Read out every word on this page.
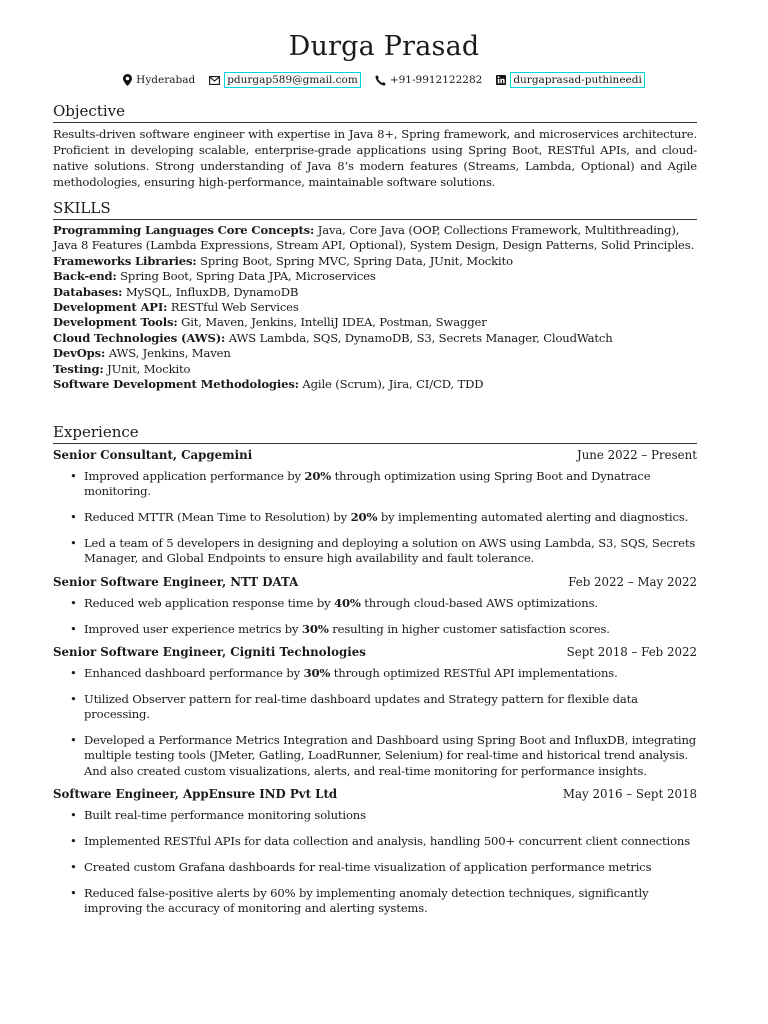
Durga Prasad
Hyderabad	pdurgap589@gmail.com	+91-9912122282	durgaprasad-puthineedi
Objective

Results-driven software engineer with expertise in Java 8+, Spring framework, and microservices architecture. Proficient in developing scalable, enterprise-grade applications using Spring Boot, RESTful APIs, and cloud-native solutions. Strong understanding of Java 8’s modern features (Streams, Lambda, Optional) and Agile methodologies, ensuring high-performance, maintainable software solutions.

SKILLS

Programming Languages Core Concepts: Java, Core Java (OOP, Collections Framework, Multithreading), Java 8 Features (Lambda Expressions, Stream API, Optional), System Design, Design Patterns, Solid Principles.

Frameworks Libraries: Spring Boot, Spring MVC, Spring Data, JUnit, Mockito

Back-end: Spring Boot, Spring Data JPA, Microservices

Databases: MySQL, InfluxDB, DynamoDB

Development API: RESTful Web Services

Development Tools: Git, Maven, Jenkins, IntelliJ IDEA, Postman, Swagger

Cloud Technologies (AWS): AWS Lambda, SQS, DynamoDB, S3, Secrets Manager, CloudWatch

DevOps: AWS, Jenkins, Maven

Testing: JUnit, Mockito

Software Development Methodologies: Agile (Scrum), Jira, CI/CD, TDD

Experience
Senior Consultant, Capgemini	June 2022 – Present
• Improved application performance by 20% through optimization using Spring Boot and Dynatrace monitoring.
• Reduced MTTR (Mean Time to Resolution) by 20% by implementing automated alerting and diagnostics.
• Led a team of 5 developers in designing and deploying a solution on AWS using Lambda, S3, SQS, Secrets Manager, and Global Endpoints to ensure high availability and fault tolerance.
Senior Software Engineer, NTT DATA	Feb 2022 – May 2022
• Reduced web application response time by 40% through cloud-based AWS optimizations.
• Improved user experience metrics by 30% resulting in higher customer satisfaction scores.
Senior Software Engineer, Cigniti Technologies	Sept 2018 – Feb 2022
• Enhanced dashboard performance by 30% through optimized RESTful API implementations.
• Utilized Observer pattern for real-time dashboard updates and Strategy pattern for flexible data processing.
• Developed a Performance Metrics Integration and Dashboard using Spring Boot and InfluxDB, integrating multiple testing tools (JMeter, Gatling, LoadRunner, Selenium) for real-time and historical trend analysis. And also created custom visualizations, alerts, and real-time monitoring for performance insights.
Software Engineer, AppEnsure IND Pvt Ltd	May 2016 – Sept 2018
• Built real-time performance monitoring solutions
• Implemented RESTful APIs for data collection and analysis, handling 500+ concurrent client connections
• Created custom Grafana dashboards for real-time visualization of application performance metrics
• Reduced false-positive alerts by 60% by implementing anomaly detection techniques, significantly improving the accuracy of monitoring and alerting systems.
